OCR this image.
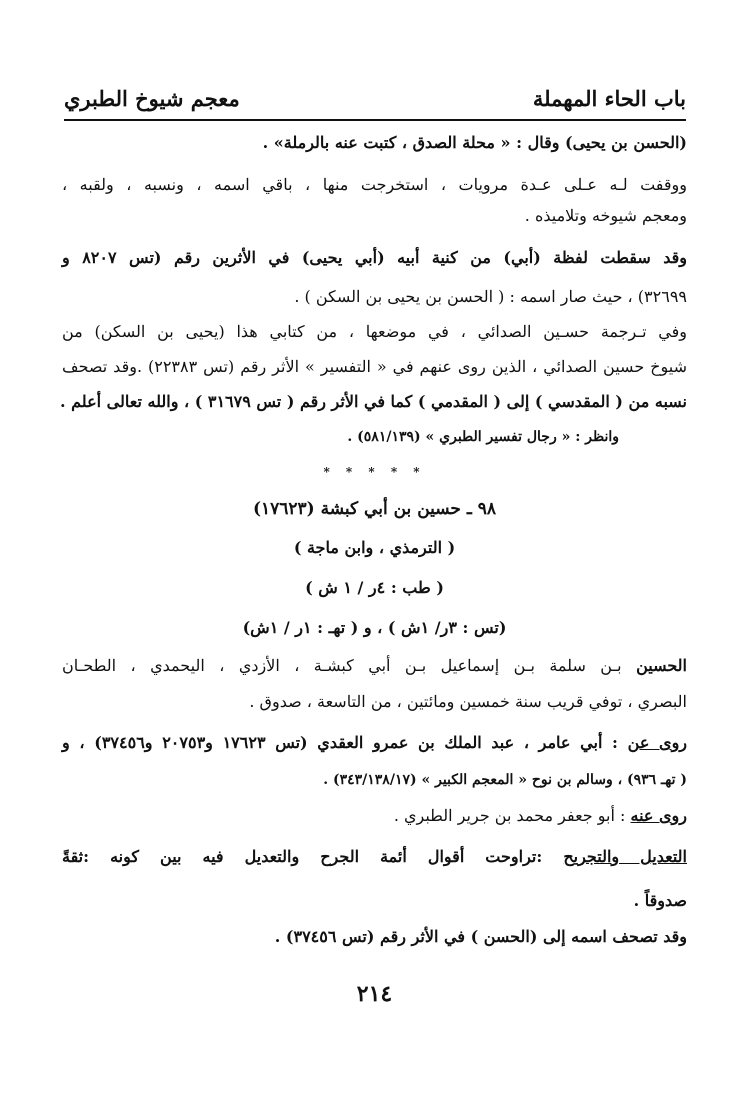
باب الحاء المهملة
معجم شيوخ الطبري
(الحسن بن يحيى) وقال : « محلة الصدق ، كتبت عنه بالرملة» .
ووقفت لـه عـلى عـدة مرويات ، استخرجت منها ، باقي اسمه ، ونسبه ، ولقبه ،
ومعجم شيوخه وتلاميذه .
وقد سقطت لفظة (أبي) من كنية أبيه (أبي يحيى) في الأثرين رقم (تس ٨٢٠٧ و
٣٢٦٩٩) ، حيث صار اسمه : ( الحسن بن يحيى بن السكن ) .
وفي تـرجمة حسـين الصدائي ، في موضعها ، من كتابي هذا (يحيى بن السكن) من
شيوخ حسين الصدائي ، الذين روى عنهم في « التفسير » الأثر رقم (تس ٢٢٣٨٣) .وقد تصحف
نسبه من ( المقدسي ) إلى ( المقدمي ) كما في الأثر رقم ( تس ٣١٦٧٩ ) ، والله تعالى أعلم .
وانظر : « رجال تفسير الطبري » (٥٨١/١٣٩) .
* * * * *
٩٨ ـ حسين بن أبي كبشة (١٧٦٢٣)
( الترمذي ، وابن ماجة )
( طب : ٤ر / ١ ش )
(تس : ٣ر/ ١ش ) ، و ( تهـ : ١ر / ١ش)
الحسين بـن سلمة بـن إسماعيل بـن أبي كبشـة ، الأزدي ، اليحمدي ، الطحـان
البصري ، توفي قريب سنة خمسين ومائتين ، من التاسعة ، صدوق .
روى عن : أبي عامر ، عبد الملك بن عمرو العقدي (تس ١٧٦٢٣ و٢٠٧٥٣ و٣٧٤٥٦) ، و
( تهـ ٩٣٦) ، وسالم بن نوح « المعجم الكبير » (٣٤٣/١٣٨/١٧) .
روى عنه : أبو جعفر محمد بن جرير الطبري .
التعديل والتجريح :تراوحت أقوال أئمة الجرح والتعديل فيه بين كونه :ثقةً
صدوقاً .
وقد تصحف اسمه إلى (الحسن ) في الأثر رقم (تس ٣٧٤٥٦) .
٢١٤
